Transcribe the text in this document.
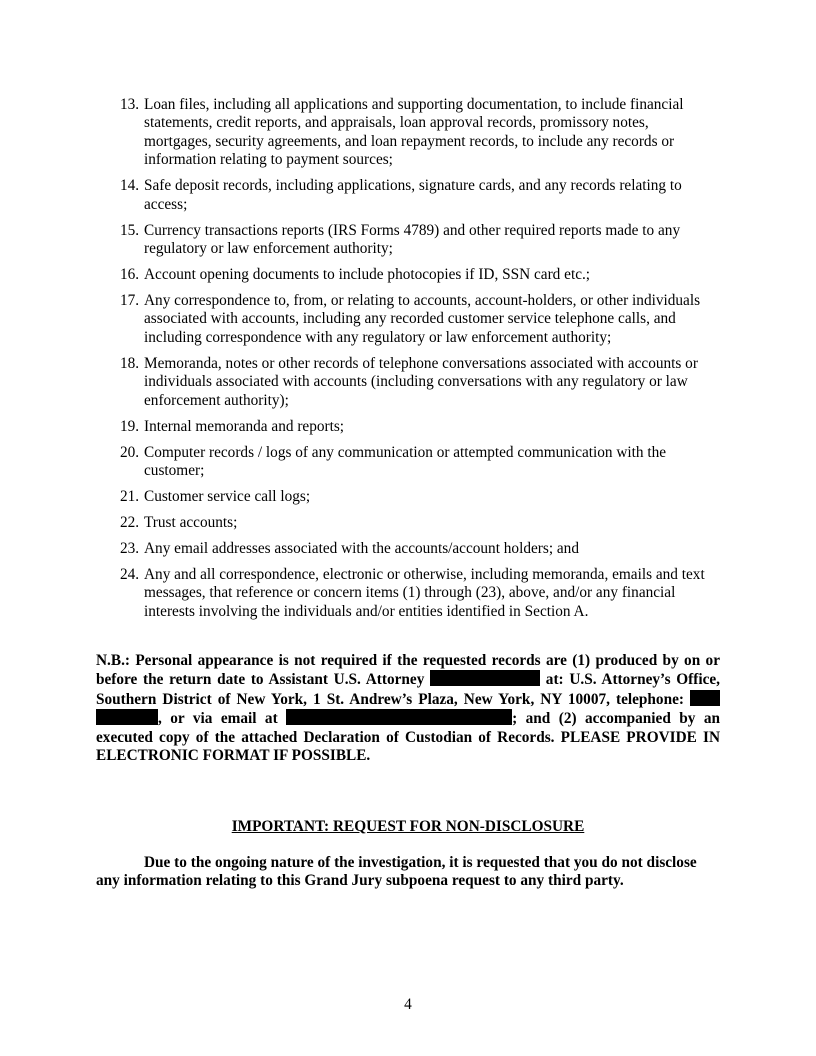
13. Loan files, including all applications and supporting documentation, to include financial statements, credit reports, and appraisals, loan approval records, promissory notes, mortgages, security agreements, and loan repayment records, to include any records or information relating to payment sources;
14. Safe deposit records, including applications, signature cards, and any records relating to access;
15. Currency transactions reports (IRS Forms 4789) and other required reports made to any regulatory or law enforcement authority;
16. Account opening documents to include photocopies if ID, SSN card etc.;
17. Any correspondence to, from, or relating to accounts, account-holders, or other individuals associated with accounts, including any recorded customer service telephone calls, and including correspondence with any regulatory or law enforcement authority;
18. Memoranda, notes or other records of telephone conversations associated with accounts or individuals associated with accounts (including conversations with any regulatory or law enforcement authority);
19. Internal memoranda and reports;
20. Computer records / logs of any communication or attempted communication with the customer;
21. Customer service call logs;
22. Trust accounts;
23. Any email addresses associated with the accounts/account holders; and
24. Any and all correspondence, electronic or otherwise, including memoranda, emails and text messages, that reference or concern items (1) through (23), above, and/or any financial interests involving the individuals and/or entities identified in Section A.

N.B.: Personal appearance is not required if the requested records are (1) produced by on or before the return date to Assistant U.S. Attorney	at: U.S. Attorney’s Office, Southern District of New York, 1 St. Andrew’s Plaza, New York, NY 10007, telephone:  , or via email at	; and (2) accompanied by an executed copy of the attached Declaration of Custodian of Records. PLEASE PROVIDE IN ELECTRONIC FORMAT IF POSSIBLE.

IMPORTANT: REQUEST FOR NON-DISCLOSURE

Due to the ongoing nature of the investigation, it is requested that you do not disclose any information relating to this Grand Jury subpoena request to any third party.

4
